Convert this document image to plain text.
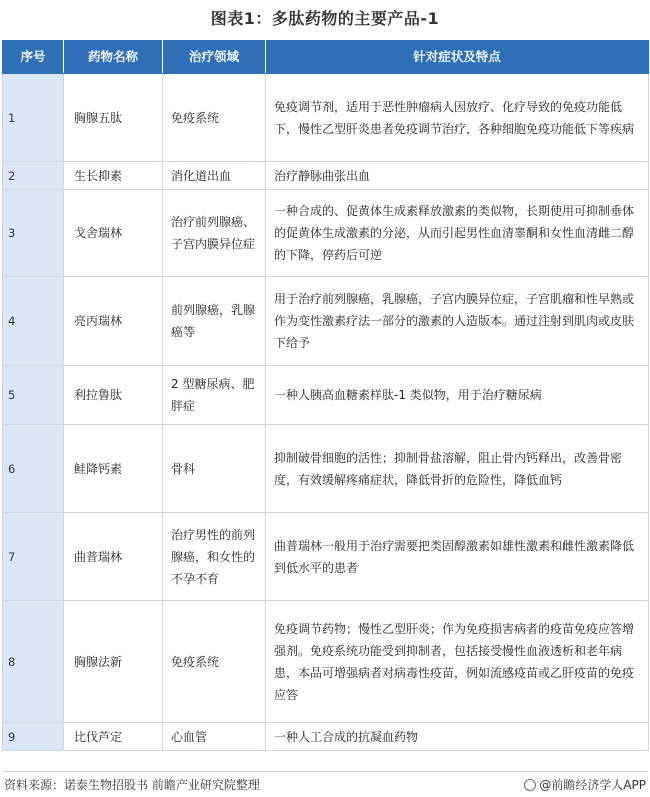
图表1：多肽药物的主要产品-1
序号	药物名称	治疗领域	针对症状及特点
1	胸腺五肽	免疫系统	免疫调节剂，适用于恶性肿瘤病人因放疗、化疗导致的免疫功能低下，慢性乙型肝炎患者免疫调节治疗，各种细胞免疫功能低下等疾病
2	生长抑素	消化道出血	治疗静脉曲张出血
3	戈舍瑞林	治疗前列腺癌、子宫内膜异位症	一种合成的、促黄体生成素释放激素的类似物，长期使用可抑制垂体的促黄体生成激素的分泌，从而引起男性血清睾酮和女性血清雌二醇的下降，停药后可逆
4	亮丙瑞林	前列腺癌，乳腺癌等	用于治疗前列腺癌，乳腺癌，子宫内膜异位症，子宫肌瘤和性早熟或作为变性激素疗法一部分的激素的人造版本。通过注射到肌肉或皮肤下给予
5	利拉鲁肽	2 型糖尿病、肥胖症	一种人胰高血糖素样肽-1 类似物，用于治疗糖尿病
6	鲑降钙素	骨科	抑制破骨细胞的活性；抑制骨盐溶解，阻止骨内钙释出，改善骨密度，有效缓解疼痛症状，降低骨折的危险性，降低血钙
7	曲普瑞林	治疗男性的前列腺癌，和女性的不孕不育	曲普瑞林一般用于治疗需要把类固醇激素如雄性激素和雌性激素降低到低水平的患者
8	胸腺法新	免疫系统	免疫调节药物；慢性乙型肝炎；作为免疫损害病者的疫苗免疫应答增强剂。免疫系统功能受到抑制者，包括接受慢性血液透析和老年病患，本品可增强病者对病毒性疫苗，例如流感疫苗或乙肝疫苗的免疫应答
9	比伐芦定	心血管	一种人工合成的抗凝血药物
资料来源：诺泰生物招股书 前瞻产业研究院整理	@前瞻经济学人APP
